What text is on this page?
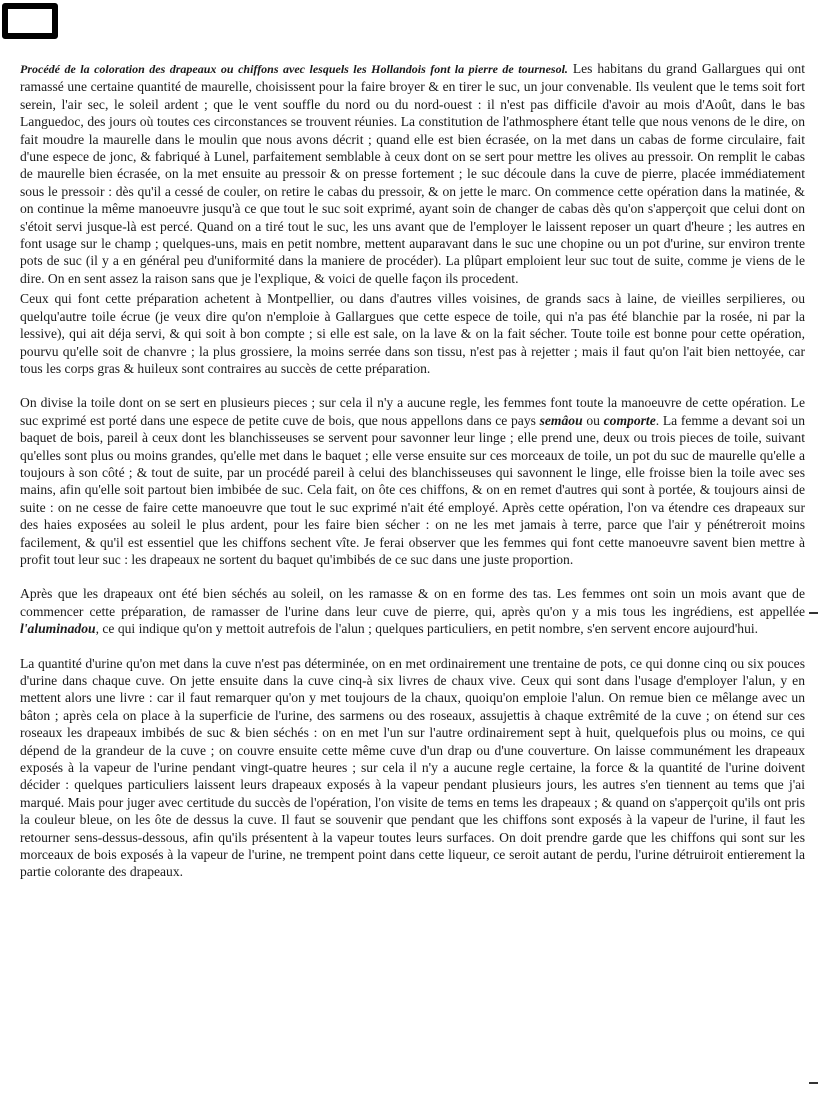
Procédé de la coloration des drapeaux ou chiffons avec lesquels les Hollandois font la pierre de tournesol. Les habitans du grand Gallargues qui ont ramassé une certaine quantité de maurelle, choisissent pour la faire broyer & en tirer le suc, un jour convenable. Ils veulent que le tems soit fort serein, l'air sec, le soleil ardent ; que le vent souffle du nord ou du nord-ouest : il n'est pas difficile d'avoir au mois d'Août, dans le bas Languedoc, des jours où toutes ces circonstances se trouvent réunies. La constitution de l'athmosphere étant telle que nous venons de le dire, on fait moudre la maurelle dans le moulin que nous avons décrit ; quand elle est bien écrasée, on la met dans un cabas de forme circulaire, fait d'une espece de jonc, & fabriqué à Lunel, parfaitement semblable à ceux dont on se sert pour mettre les olives au pressoir. On remplit le cabas de maurelle bien écrasée, on la met ensuite au pressoir & on presse fortement ; le suc découle dans la cuve de pierre, placée immédiatement sous le pressoir : dès qu'il a cessé de couler, on retire le cabas du pressoir, & on jette le marc. On commence cette opération dans la matinée, & on continue la même manoeuvre jusqu'à ce que tout le suc soit exprimé, ayant soin de changer de cabas dès qu'on s'apperçoit que celui dont on s'étoit servi jusque-là est percé. Quand on a tiré tout le suc, les uns avant que de l'employer le laissent reposer un quart d'heure ; les autres en font usage sur le champ ; quelques-uns, mais en petit nombre, mettent auparavant dans le suc une chopine ou un pot d'urine, sur environ trente pots de suc (il y a en général peu d'uniformité dans la maniere de procéder). La plûpart emploient leur suc tout de suite, comme je viens de le dire. On en sent assez la raison sans que je l'explique, & voici de quelle façon ils procedent.

Ceux qui font cette préparation achetent à Montpellier, ou dans d'autres villes voisines, de grands sacs à laine, de vieilles serpilieres, ou quelqu'autre toile écrue (je veux dire qu'on n'emploie à Gallargues que cette espece de toile, qui n'a pas été blanchie par la rosée, ni par la lessive), qui ait déja servi, & qui soit à bon compte ; si elle est sale, on la lave & on la fait sécher. Toute toile est bonne pour cette opération, pourvu qu'elle soit de chanvre ; la plus grossiere, la moins serrée dans son tissu, n'est pas à rejetter ; mais il faut qu'on l'ait bien nettoyée, car tous les corps gras & huileux sont contraires au succès de cette préparation.

On divise la toile dont on se sert en plusieurs pieces ; sur cela il n'y a aucune regle, les femmes font toute la manoeuvre de cette opération. Le suc exprimé est porté dans une espece de petite cuve de bois, que nous appellons dans ce pays semâou ou comporte. La femme a devant soi un baquet de bois, pareil à ceux dont les blanchisseuses se servent pour savonner leur linge ; elle prend une, deux ou trois pieces de toile, suivant qu'elles sont plus ou moins grandes, qu'elle met dans le baquet ; elle verse ensuite sur ces morceaux de toile, un pot du suc de maurelle qu'elle a toujours à son côté ; & tout de suite, par un procédé pareil à celui des blanchisseuses qui savonnent le linge, elle froisse bien la toile avec ses mains, afin qu'elle soit partout bien imbibée de suc. Cela fait, on ôte ces chiffons, & on en remet d'autres qui sont à portée, & toujours ainsi de suite : on ne cesse de faire cette manoeuvre que tout le suc exprimé n'ait été employé. Après cette opération, l'on va étendre ces drapeaux sur des haies exposées au soleil le plus ardent, pour les faire bien sécher : on ne les met jamais à terre, parce que l'air y pénétreroit moins facilement, & qu'il est essentiel que les chiffons sechent vîte. Je ferai observer que les femmes qui font cette manoeuvre savent bien mettre à profit tout leur suc : les drapeaux ne sortent du baquet qu'imbibés de ce suc dans une juste proportion.

Après que les drapeaux ont été bien séchés au soleil, on les ramasse & on en forme des tas. Les femmes ont soin un mois avant que de commencer cette préparation, de ramasser de l'urine dans leur cuve de pierre, qui, après qu'on y a mis tous les ingrédiens, est appellée l'aluminadou, ce qui indique qu'on y mettoit autrefois de l'alun ; quelques particuliers, en petit nombre, s'en servent encore aujourd'hui.

La quantité d'urine qu'on met dans la cuve n'est pas déterminée, on en met ordinairement une trentaine de pots, ce qui donne cinq ou six pouces d'urine dans chaque cuve. On jette ensuite dans la cuve cinq-à six livres de chaux vive. Ceux qui sont dans l'usage d'employer l'alun, y en mettent alors une livre : car il faut remarquer qu'on y met toujours de la chaux, quoiqu'on emploie l'alun. On remue bien ce mêlange avec un bâton ; après cela on place à la superficie de l'urine, des sarmens ou des roseaux, assujettis à chaque extrêmité de la cuve ; on étend sur ces roseaux les drapeaux imbibés de suc & bien séchés : on en met l'un sur l'autre ordinairement sept à huit, quelquefois plus ou moins, ce qui dépend de la grandeur de la cuve ; on couvre ensuite cette même cuve d'un drap ou d'une couverture. On laisse communément les drapeaux exposés à la vapeur de l'urine pendant vingt-quatre heures ; sur cela il n'y a aucune regle certaine, la force & la quantité de l'urine doivent décider : quelques particuliers laissent leurs drapeaux exposés à la vapeur pendant plusieurs jours, les autres s'en tiennent au tems que j'ai marqué. Mais pour juger avec certitude du succès de l'opération, l'on visite de tems en tems les drapeaux ; & quand on s'apperçoit qu'ils ont pris la couleur bleue, on les ôte de dessus la cuve. Il faut se souvenir que pendant que les chiffons sont exposés à la vapeur de l'urine, il faut les retourner sens-dessus-dessous, afin qu'ils présentent à la vapeur toutes leurs surfaces. On doit prendre garde que les chiffons qui sont sur les morceaux de bois exposés à la vapeur de l'urine, ne trempent point dans cette liqueur, ce seroit autant de perdu, l'urine détruiroit entierement la partie colorante des drapeaux.
